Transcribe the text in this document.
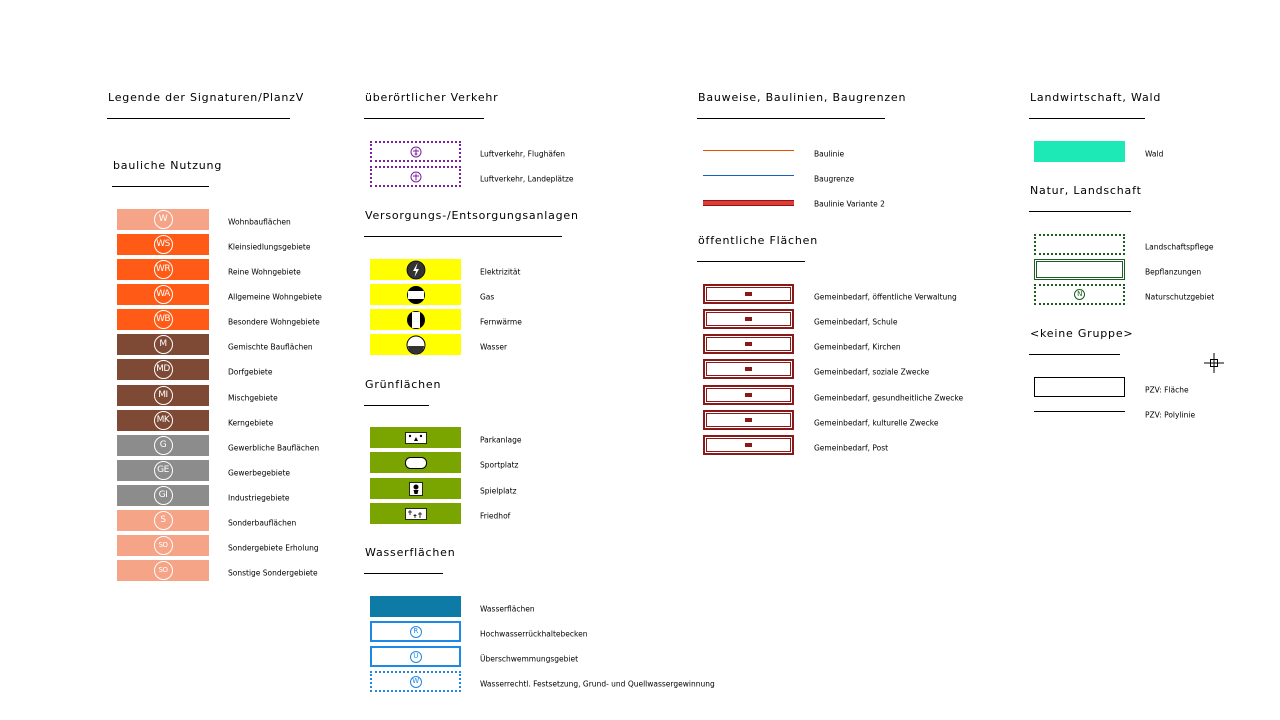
Legende der Signaturen/PlanzV
bauliche Nutzung
überörtlicher Verkehr
Versorgungs-/Entsorgungsanlagen
Grünflächen
Wasserflächen
Bauweise, Baulinien, Baugrenzen
öffentliche Flächen
Landwirtschaft, Wald
Natur, Landschaft
<keine Gruppe>
W	Wohnbauflächen
WS	Kleinsiedlungsgebiete
WR	Reine Wohngebiete
WA	Allgemeine Wohngebiete
WB	Besondere Wohngebiete
M	Gemischte Bauflächen
MD	Dorfgebiete
MI	Mischgebiete
MK	Kerngebiete
G	Gewerbliche Bauflächen
GE	Gewerbegebiete
GI	Industriegebiete
S	Sonderbauflächen
SO	Sondergebiete Erholung
SO	Sonstige Sondergebiete
Luftverkehr, Flughäfen
Luftverkehr, Landeplätze
Elektrizität
Gas
Fernwärme
Wasser
Parkanlage
Sportplatz
Spielplatz
Friedhof
Wasserflächen
R	Hochwasserrückhaltebecken
Ü	Überschwemmungsgebiet
W	Wasserrechtl. Festsetzung, Grund- und Quellwassergewinnung
Baulinie
Baugrenze
Baulinie Variante 2
Gemeinbedarf, öffentliche Verwaltung
Gemeinbedarf, Schule
Gemeinbedarf, Kirchen
Gemeinbedarf, soziale Zwecke
Gemeinbedarf, gesundheitliche Zwecke
Gemeinbedarf, kulturelle Zwecke
Gemeinbedarf, Post
Wald
Landschaftspflege
Bepflanzungen
N	Naturschutzgebiet
PZV: Fläche
PZV: Polylinie
